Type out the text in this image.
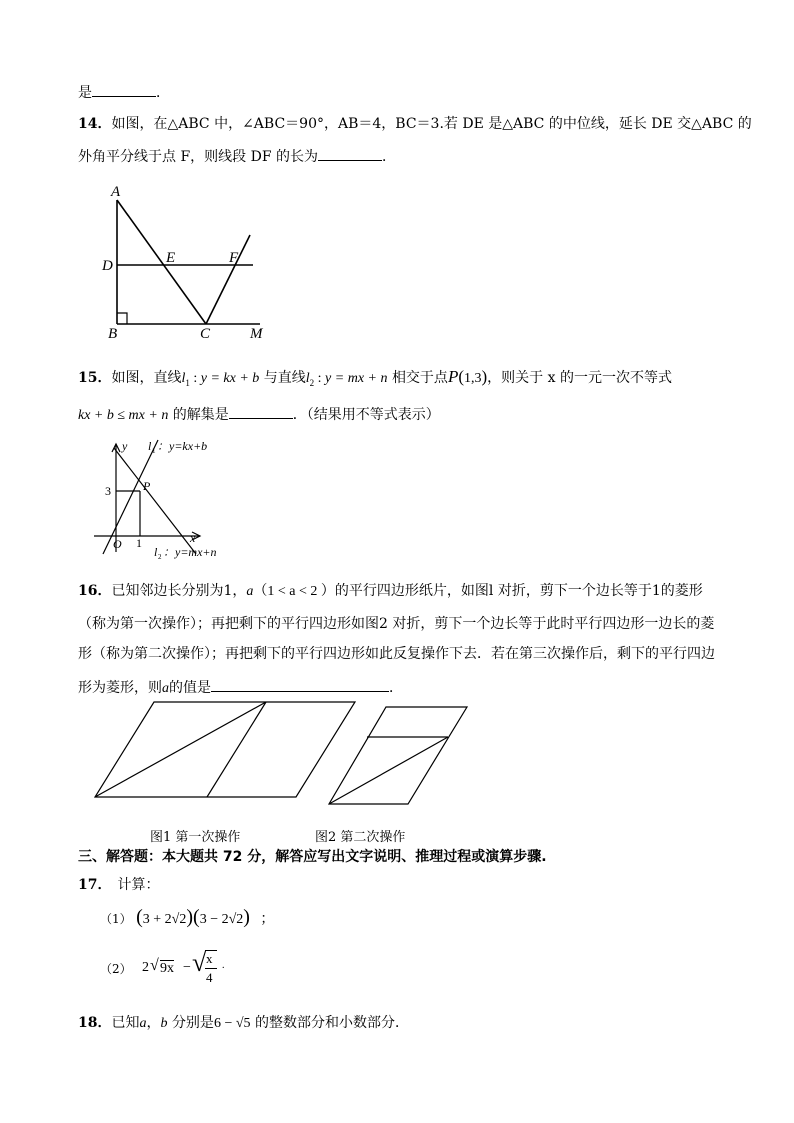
是	．
14．如图，在△ABC 中，∠ABC＝90°，AB＝4，BC＝3.若 DE 是△ABC 的中位线，延长 DE 交△ABC 的
外角平分线于点 F，则线段 DF 的长为	．
A
D	E	F
B	C	M
15．如图，直线$l_1$ : y = kx + b 与直线$l_2$ : y = mx + n 相交于点P(1,3)，则关于 x 的一元一次不等式
kx + b ≤ mx + n 的解集是	．（结果用不等式表示）
y l 1 ：y=kx+b
3	P
O 1	x
l 2 ：y=mx+n
16．已知邻边长分别为1，a（1 < a < 2 ）的平行四边形纸片，如图l 对折，剪下一个边长等于1的菱形
（称为第一次操作）；再把剩下的平行四边形如图2 对折，剪下一个边长等于此时平行四边形一边长的菱
形（称为第二次操作）；再把剩下的平行四边形如此反复操作下去．若在第三次操作后，剩下的平行四边
形为菱形，则a的值是	．
图1 第一次操作	图2 第二次操作
三、解答题：本大题共 72 分，解答应写出文字说明、推理过程或演算步骤.
17． 计算：
（1） (3 + 2√2)(3 − 2√2) ；
（2） 2 √ 9x − √ x
4
.
18．已知a，b 分别是6 − √5 的整数部分和小数部分．
